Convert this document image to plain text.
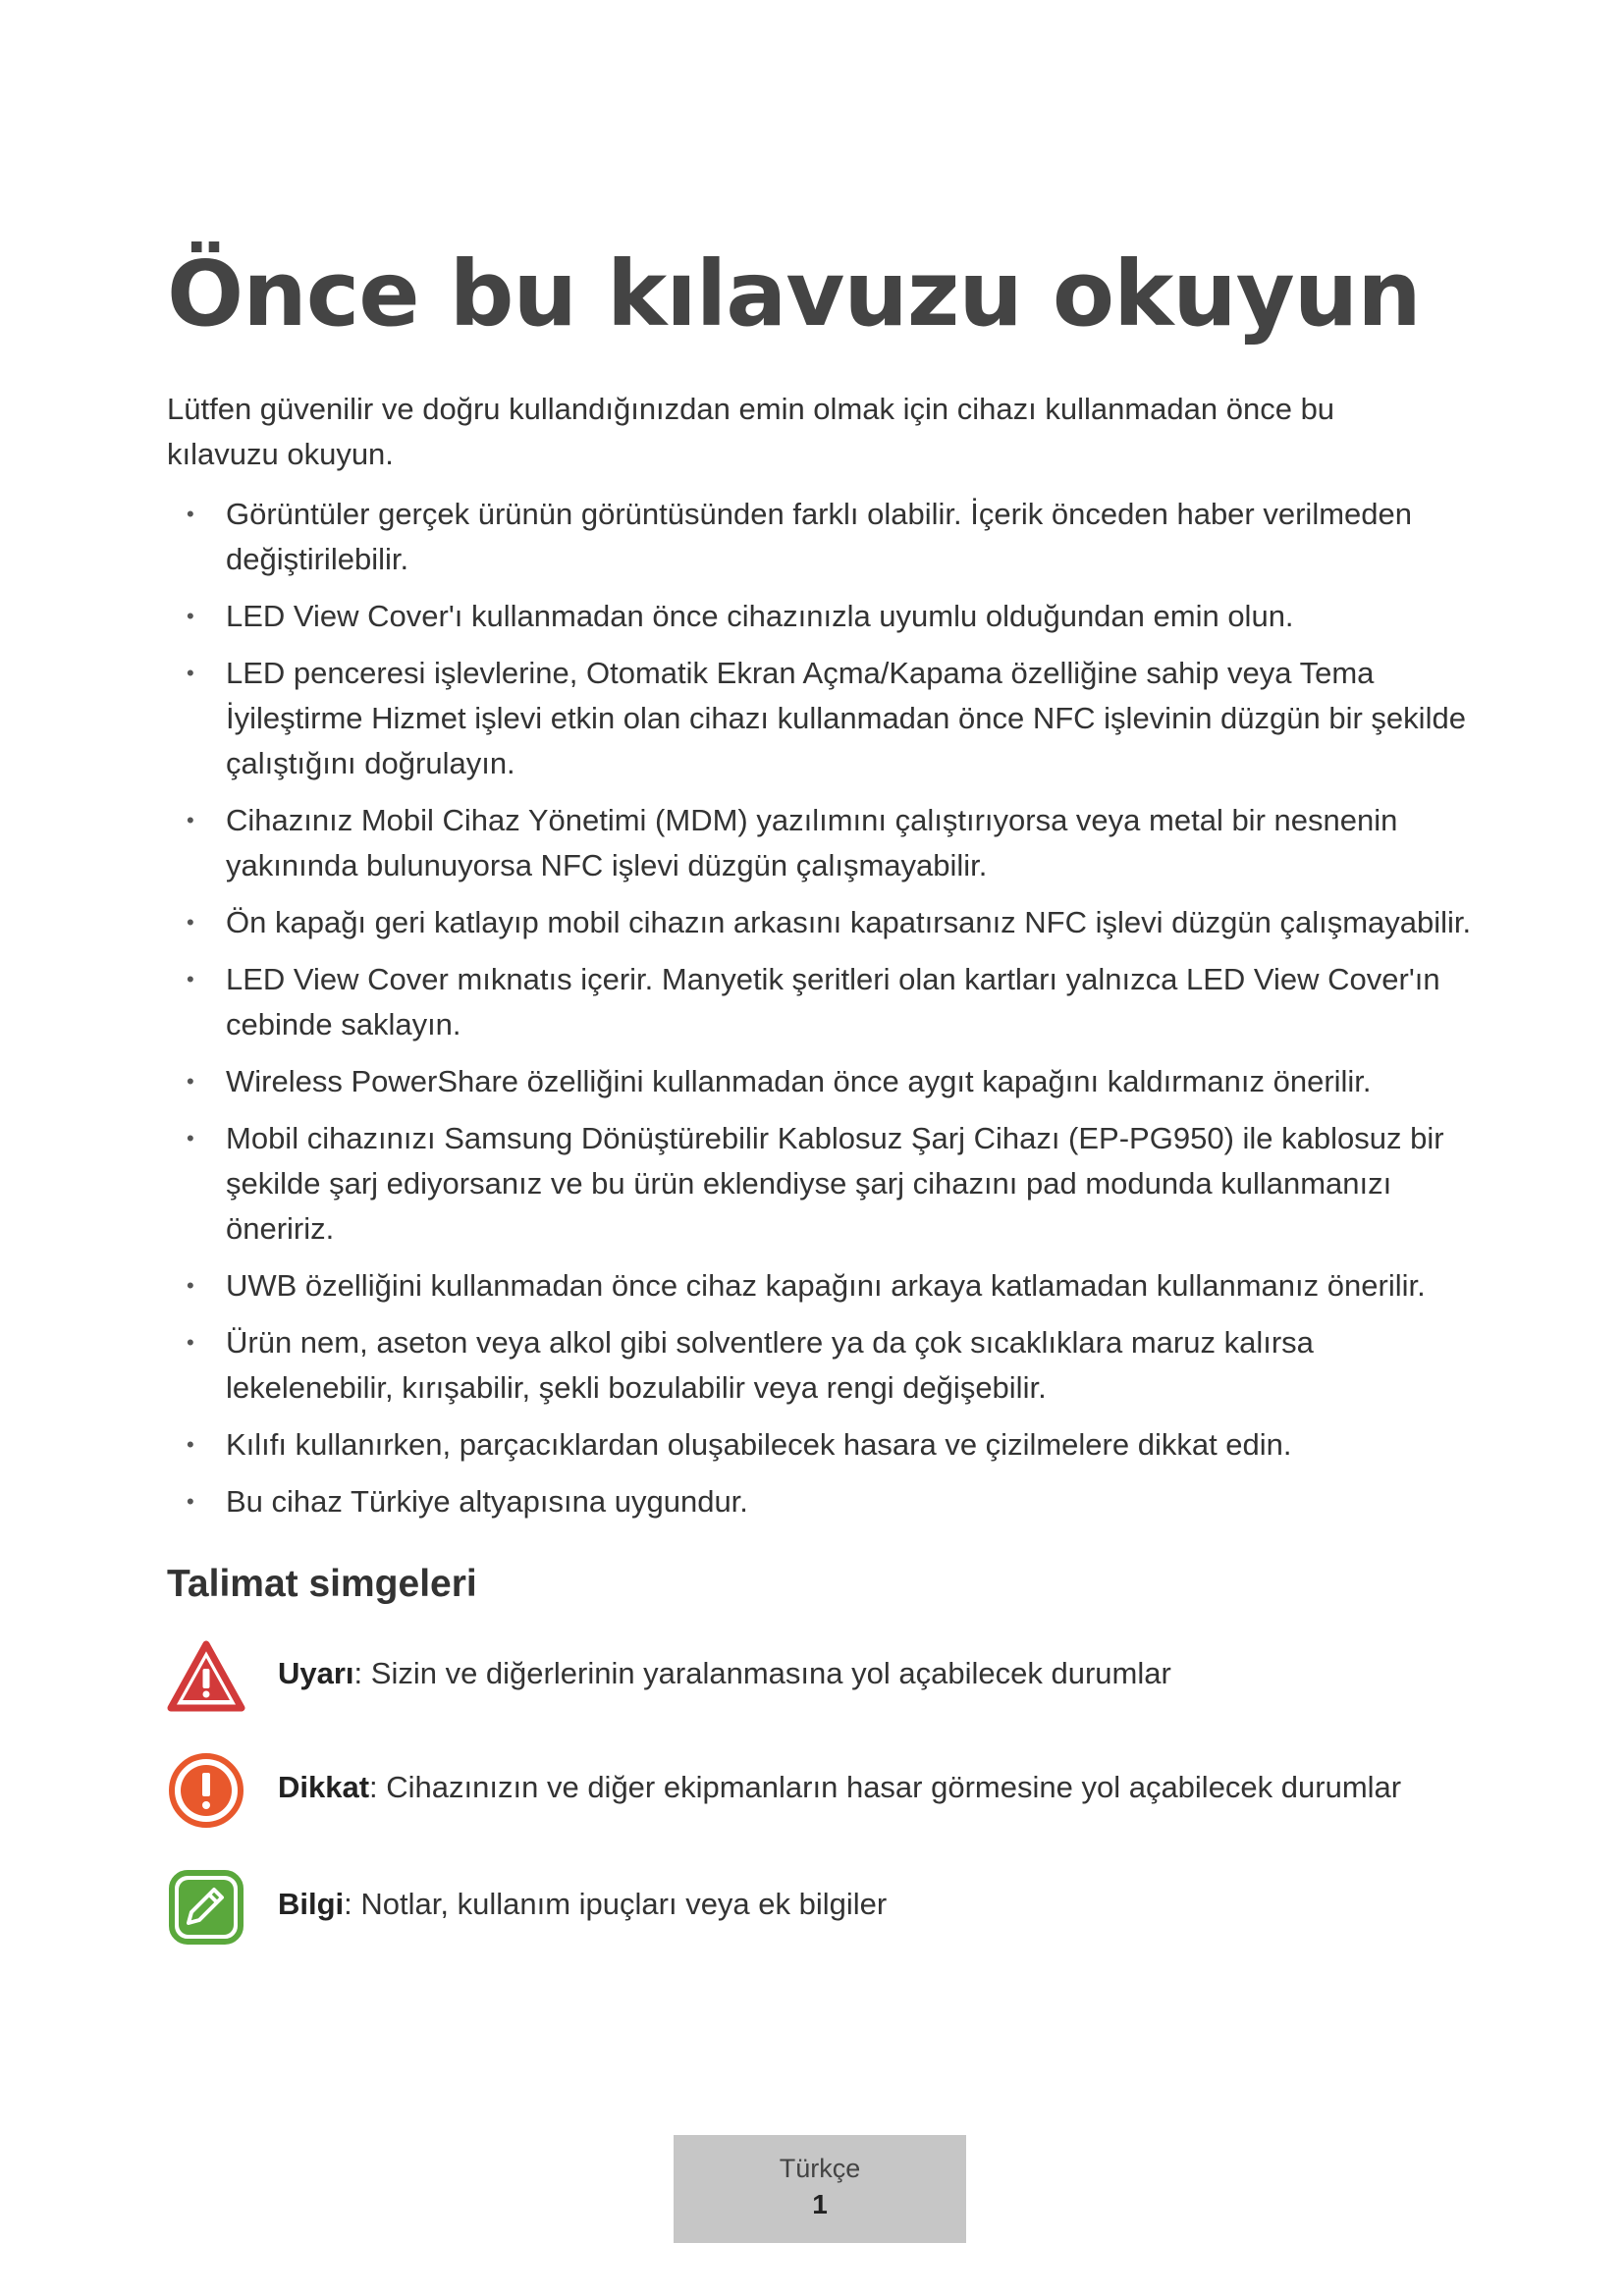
Önce bu kılavuzu okuyun

Lütfen güvenilir ve doğru kullandığınızdan emin olmak için cihazı kullanmadan önce bu kılavuzu okuyun.

• Görüntüler gerçek ürünün görüntüsünden farklı olabilir. İçerik önceden haber verilmeden değiştirilebilir.
• LED View Cover'ı kullanmadan önce cihazınızla uyumlu olduğundan emin olun.
• LED penceresi işlevlerine, Otomatik Ekran Açma/Kapama özelliğine sahip veya Tema İyileştirme Hizmet işlevi etkin olan cihazı kullanmadan önce NFC işlevinin düzgün bir şekilde çalıştığını doğrulayın.
• Cihazınız Mobil Cihaz Yönetimi (MDM) yazılımını çalıştırıyorsa veya metal bir nesnenin yakınında bulunuyorsa NFC işlevi düzgün çalışmayabilir.
• Ön kapağı geri katlayıp mobil cihazın arkasını kapatırsanız NFC işlevi düzgün çalışmayabilir.
• LED View Cover mıknatıs içerir. Manyetik şeritleri olan kartları yalnızca LED View Cover'ın cebinde saklayın.
• Wireless PowerShare özelliğini kullanmadan önce aygıt kapağını kaldırmanız önerilir.
• Mobil cihazınızı Samsung Dönüştürebilir Kablosuz Şarj Cihazı (EP-PG950) ile kablosuz bir şekilde şarj ediyorsanız ve bu ürün eklendiyse şarj cihazını pad modunda kullanmanızı öneririz.
• UWB özelliğini kullanmadan önce cihaz kapağını arkaya katlamadan kullanmanız önerilir.
• Ürün nem, aseton veya alkol gibi solventlere ya da çok sıcaklıklara maruz kalırsa lekelenebilir, kırışabilir, şekli bozulabilir veya rengi değişebilir.
• Kılıfı kullanırken, parçacıklardan oluşabilecek hasara ve çizilmelere dikkat edin.
• Bu cihaz Türkiye altyapısına uygundur.
Talimat simgeleri
Uyarı: Sizin ve diğerlerinin yaralanmasına yol açabilecek durumlar
Dikkat: Cihazınızın ve diğer ekipmanların hasar görmesine yol açabilecek durumlar
Bilgi: Notlar, kullanım ipuçları veya ek bilgiler
Türkçe
1
